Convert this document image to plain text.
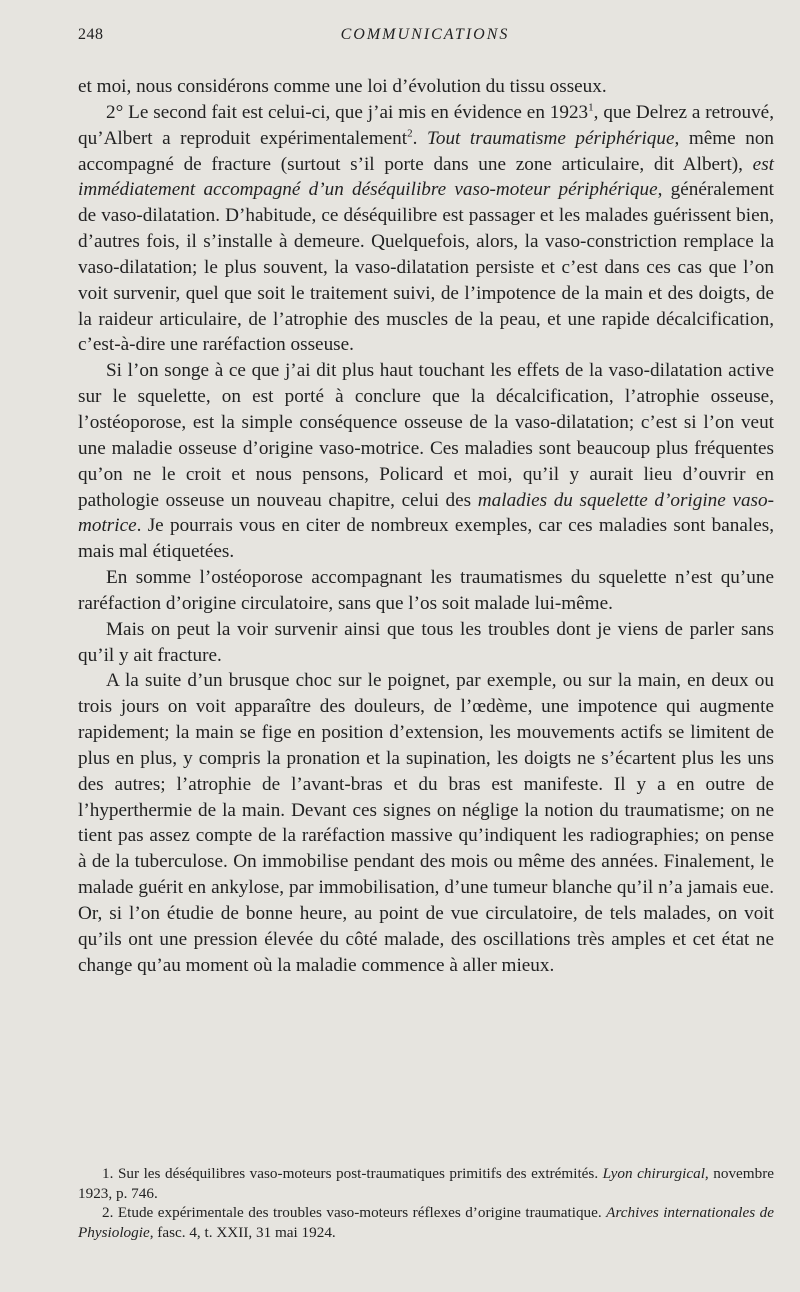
248	COMMUNICATIONS

et moi, nous considérons comme une loi d’évolution du tissu osseux.

2° Le second fait est celui-ci, que j’ai mis en évidence en 1923$^1$, que Delrez a retrouvé, qu’Albert a reproduit expérimentalement$^2$. Tout traumatisme périphérique, même non accompagné de fracture (surtout s’il porte dans une zone articulaire, dit Albert), est immédiatement accompagné d’un déséquilibre vaso-moteur périphérique, généralement de vaso-dilatation. D’habitude, ce déséquilibre est passager et les malades guérissent bien, d’autres fois, il s’installe à demeure. Quelquefois, alors, la vaso-constriction remplace la vaso-dilatation; le plus souvent, la vaso-dilatation persiste et c’est dans ces cas que l’on voit survenir, quel que soit le traitement suivi, de l’impotence de la main et des doigts, de la raideur articulaire, de l’atrophie des muscles de la peau, et une rapide décalcification, c’est-à-dire une raréfaction osseuse.

Si l’on songe à ce que j’ai dit plus haut touchant les effets de la vaso-dilatation active sur le squelette, on est porté à conclure que la décalcification, l’atrophie osseuse, l’ostéoporose, est la simple conséquence osseuse de la vaso-dilatation; c’est si l’on veut une maladie osseuse d’origine vaso-motrice. Ces maladies sont beaucoup plus fréquentes qu’on ne le croit et nous pensons, Policard et moi, qu’il y aurait lieu d’ouvrir en pathologie osseuse un nouveau chapitre, celui des maladies du squelette d’origine vaso-motrice. Je pourrais vous en citer de nombreux exemples, car ces maladies sont banales, mais mal étiquetées.

En somme l’ostéoporose accompagnant les traumatismes du squelette n’est qu’une raréfaction d’origine circulatoire, sans que l’os soit malade lui-même.

Mais on peut la voir survenir ainsi que tous les troubles dont je viens de parler sans qu’il y ait fracture.

A la suite d’un brusque choc sur le poignet, par exemple, ou sur la main, en deux ou trois jours on voit apparaître des douleurs, de l’œdème, une impotence qui augmente rapidement; la main se fige en position d’extension, les mouvements actifs se limitent de plus en plus, y compris la pronation et la supination, les doigts ne s’écartent plus les uns des autres; l’atrophie de l’avant-bras et du bras est manifeste. Il y a en outre de l’hyperthermie de la main. Devant ces signes on néglige la notion du traumatisme; on ne tient pas assez compte de la raréfaction massive qu’indiquent les radiographies; on pense à de la tuberculose. On immobilise pendant des mois ou même des années. Finalement, le malade guérit en ankylose, par immobilisation, d’une tumeur blanche qu’il n’a jamais eue. Or, si l’on étudie de bonne heure, au point de vue circulatoire, de tels malades, on voit qu’ils ont une pression élevée du côté malade, des oscillations très amples et cet état ne change qu’au moment où la maladie commence à aller mieux.

1. Sur les déséquilibres vaso-moteurs post-traumatiques primitifs des extrémités. Lyon chirurgical, novembre 1923, p. 746.

2. Etude expérimentale des troubles vaso-moteurs réflexes d’origine traumatique. Archives internationales de Physiologie, fasc. 4, t. XXII, 31 mai 1924.
